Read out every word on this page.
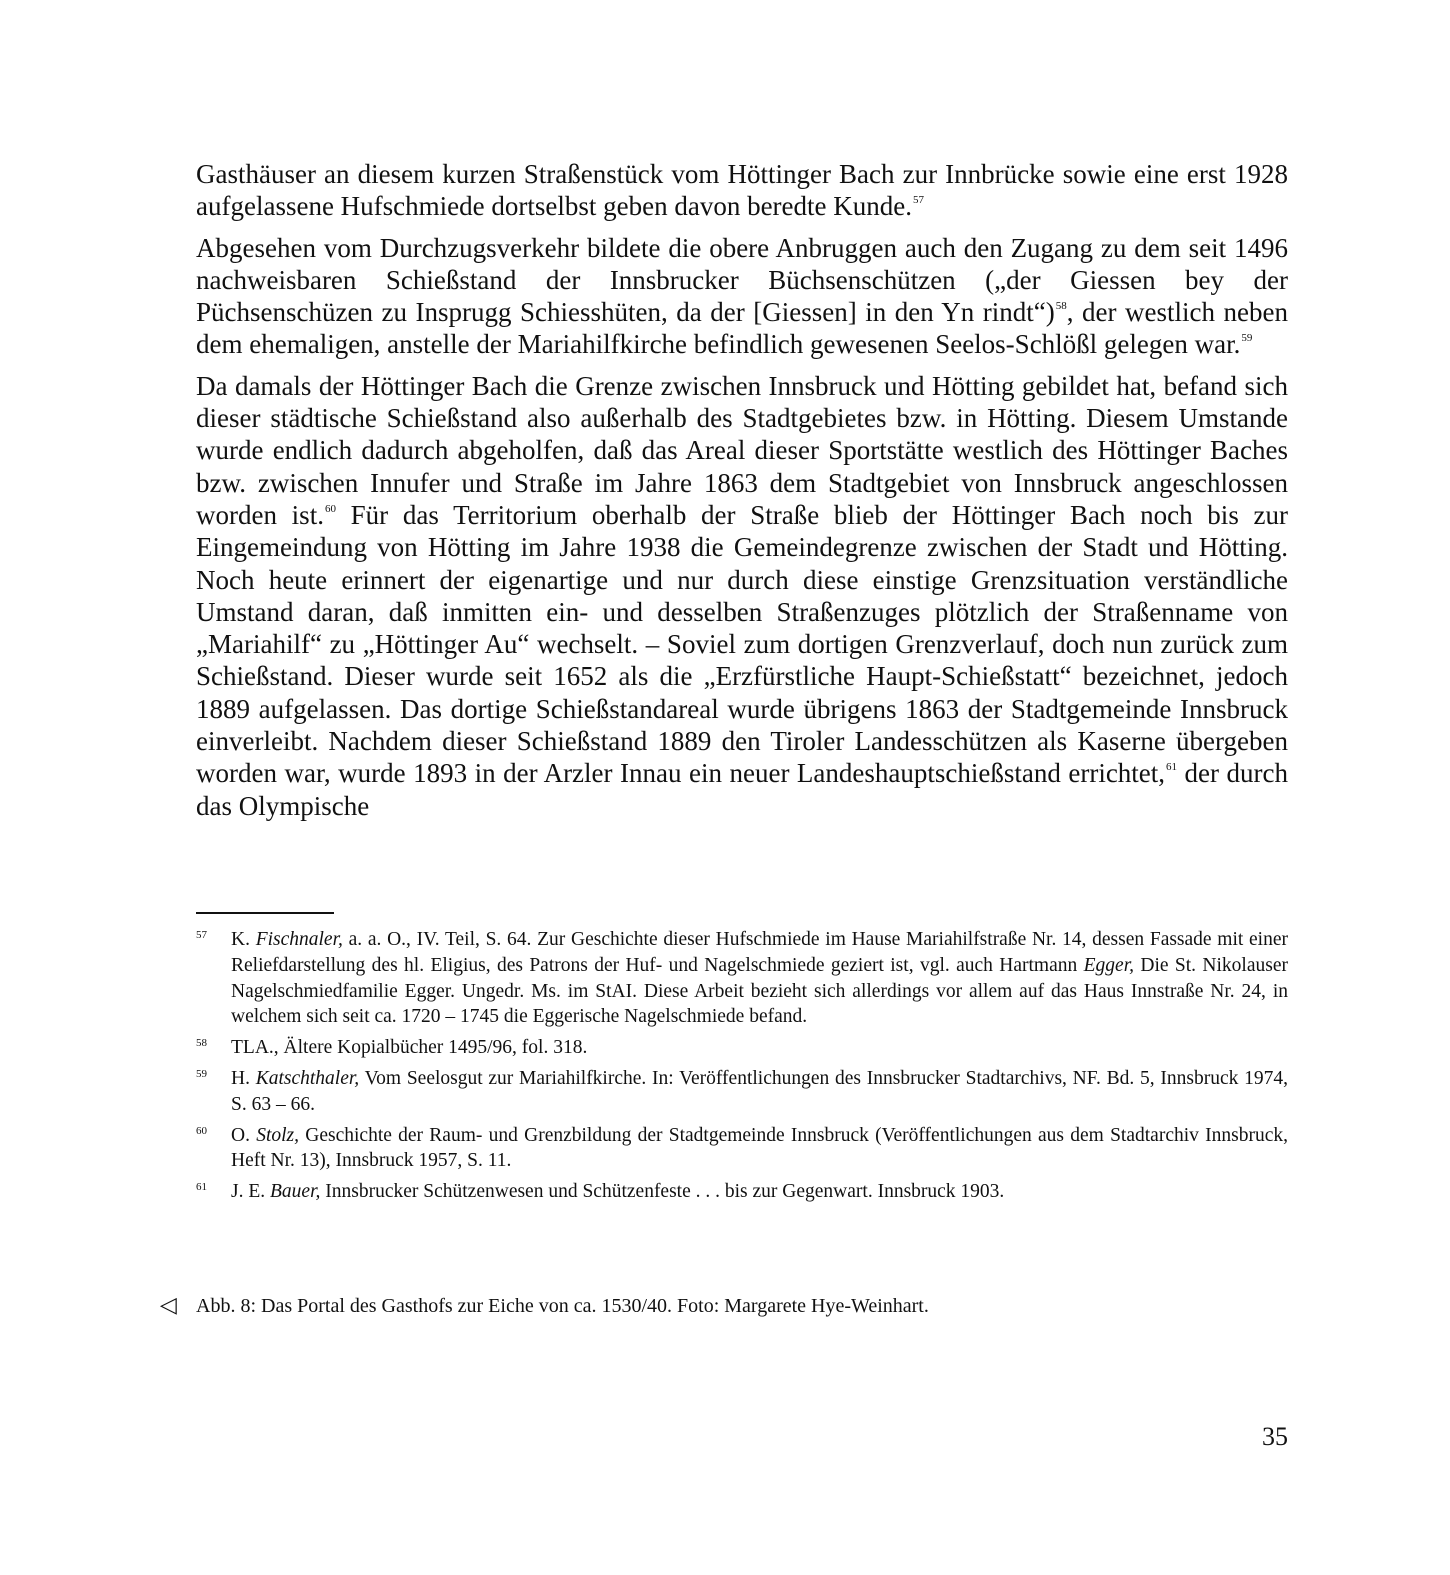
Gasthäuser an diesem kurzen Straßenstück vom Höttinger Bach zur Innbrücke sowie eine erst 1928 aufgelassene Hufschmiede dortselbst geben davon beredte Kunde.$^{57}$

Abgesehen vom Durchzugsverkehr bildete die obere Anbruggen auch den Zugang zu dem seit 1496 nachweisbaren Schießstand der Innsbrucker Büchsenschützen („der Giessen bey der Püchsenschüzen zu Insprugg Schiesshüten, da der [Giessen] in den Yn rindt“)$^{58}$, der westlich neben dem ehemaligen, anstelle der Mariahilfkirche befindlich gewesenen Seelos-Schlößl gelegen war.$^{59}$

Da damals der Höttinger Bach die Grenze zwischen Innsbruck und Hötting gebildet hat, befand sich dieser städtische Schießstand also außerhalb des Stadtgebietes bzw. in Hötting. Diesem Umstande wurde endlich dadurch abgeholfen, daß das Areal dieser Sportstätte westlich des Höttinger Baches bzw. zwischen Innufer und Straße im Jahre 1863 dem Stadtgebiet von Innsbruck angeschlossen worden ist.$^{60}$ Für das Territorium oberhalb der Straße blieb der Höttinger Bach noch bis zur Eingemeindung von Hötting im Jahre 1938 die Gemeindegrenze zwischen der Stadt und Hötting. Noch heute erinnert der eigenartige und nur durch diese einstige Grenzsituation verständliche Umstand daran, daß inmitten ein- und desselben Straßenzuges plötzlich der Straßenname von „Mariahilf“ zu „Höttinger Au“ wechselt. – Soviel zum dortigen Grenzverlauf, doch nun zurück zum Schießstand. Dieser wurde seit 1652 als die „Erzfürstliche Haupt-Schießstatt“ bezeichnet, jedoch 1889 aufgelassen. Das dortige Schießstandareal wurde übrigens 1863 der Stadtgemeinde Innsbruck einverleibt. Nachdem dieser Schießstand 1889 den Tiroler Landesschützen als Kaserne übergeben worden war, wurde 1893 in der Arzler Innau ein neuer Landeshauptschießstand errichtet,$^{61}$ der durch das Olympische

57 K. Fischnaler, a. a. O., IV. Teil, S. 64. Zur Geschichte dieser Hufschmiede im Hause Mariahilfstraße Nr. 14, dessen Fassade mit einer Reliefdarstellung des hl. Eligius, des Patrons der Huf- und Nagelschmiede geziert ist, vgl. auch Hartmann Egger, Die St. Nikolauser Nagelschmiedfamilie Egger. Ungedr. Ms. im StAI. Diese Arbeit bezieht sich allerdings vor allem auf das Haus Innstraße Nr. 24, in welchem sich seit ca. 1720 – 1745 die Eggerische Nagelschmiede befand.
58 TLA., Ältere Kopialbücher 1495/96, fol. 318.
59 H. Katschthaler, Vom Seelosgut zur Mariahilfkirche. In: Veröffentlichungen des Innsbrucker Stadtarchivs, NF. Bd. 5, Innsbruck 1974, S. 63 – 66.
60 O. Stolz, Geschichte der Raum- und Grenzbildung der Stadtgemeinde Innsbruck (Veröffentlichungen aus dem Stadtarchiv Innsbruck, Heft Nr. 13), Innsbruck 1957, S. 11.
61 J. E. Bauer, Innsbrucker Schützenwesen und Schützenfeste . . . bis zur Gegenwart. Innsbruck 1903.
◁ Abb. 8: Das Portal des Gasthofs zur Eiche von ca. 1530/40. Foto: Margarete Hye-Weinhart.
35
